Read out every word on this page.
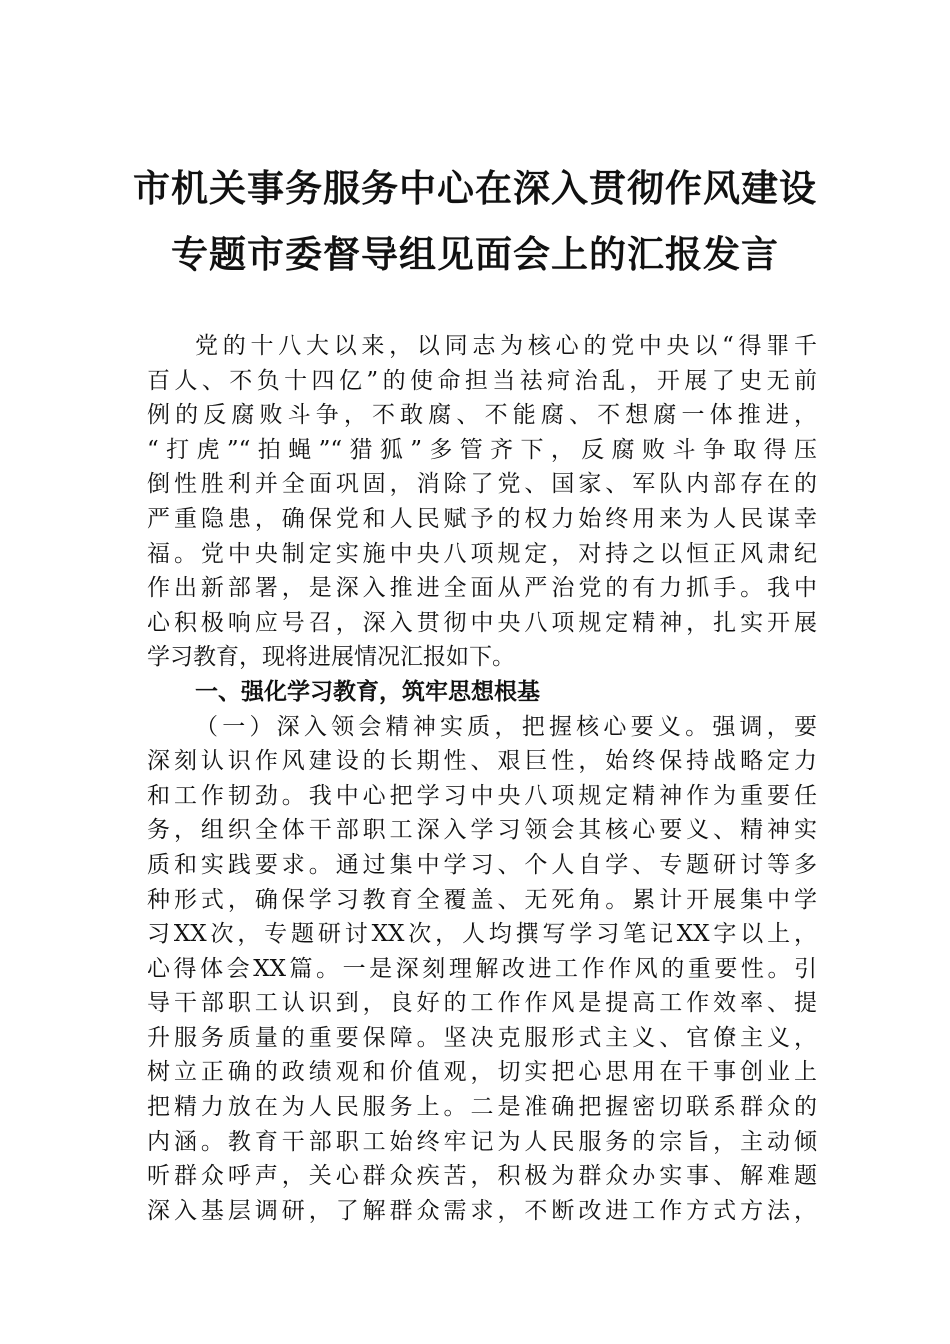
市机关事务服务中心在深入贯彻作风建设
专题市委督导组见面会上的汇报发言
党的十八大以来，以同志为核心的党中央以“得罪千
百人、不负十四亿”的使命担当祛疴治乱，开展了史无前
例的反腐败斗争，不敢腐、不能腐、不想腐一体推进，
“打虎”“拍蝇”“猎狐”多管齐下，反腐败斗争取得压
倒性胜利并全面巩固，消除了党、国家、军队内部存在的
严重隐患，确保党和人民赋予的权力始终用来为人民谋幸
福。党中央制定实施中央八项规定，对持之以恒正风肃纪
作出新部署，是深入推进全面从严治党的有力抓手。我中
心积极响应号召，深入贯彻中央八项规定精神，扎实开展
学习教育，现将进展情况汇报如下。
一、强化学习教育，筑牢思想根基
（一）深入领会精神实质，把握核心要义。强调，要
深刻认识作风建设的长期性、艰巨性，始终保持战略定力
和工作韧劲。我中心把学习中央八项规定精神作为重要任
务，组织全体干部职工深入学习领会其核心要义、精神实
质和实践要求。通过集中学习、个人自学、专题研讨等多
种形式，确保学习教育全覆盖、无死角。累计开展集中学
习XX次，专题研讨XX次，人均撰写学习笔记XX字以上，
心得体会XX篇。一是深刻理解改进工作作风的重要性。引
导干部职工认识到，良好的工作作风是提高工作效率、提
升服务质量的重要保障。坚决克服形式主义、官僚主义，
树立正确的政绩观和价值观，切实把心思用在干事创业上
把精力放在为人民服务上。二是准确把握密切联系群众的
内涵。教育干部职工始终牢记为人民服务的宗旨，主动倾
听群众呼声，关心群众疾苦，积极为群众办实事、解难题
深入基层调研，了解群众需求，不断改进工作方式方法，
